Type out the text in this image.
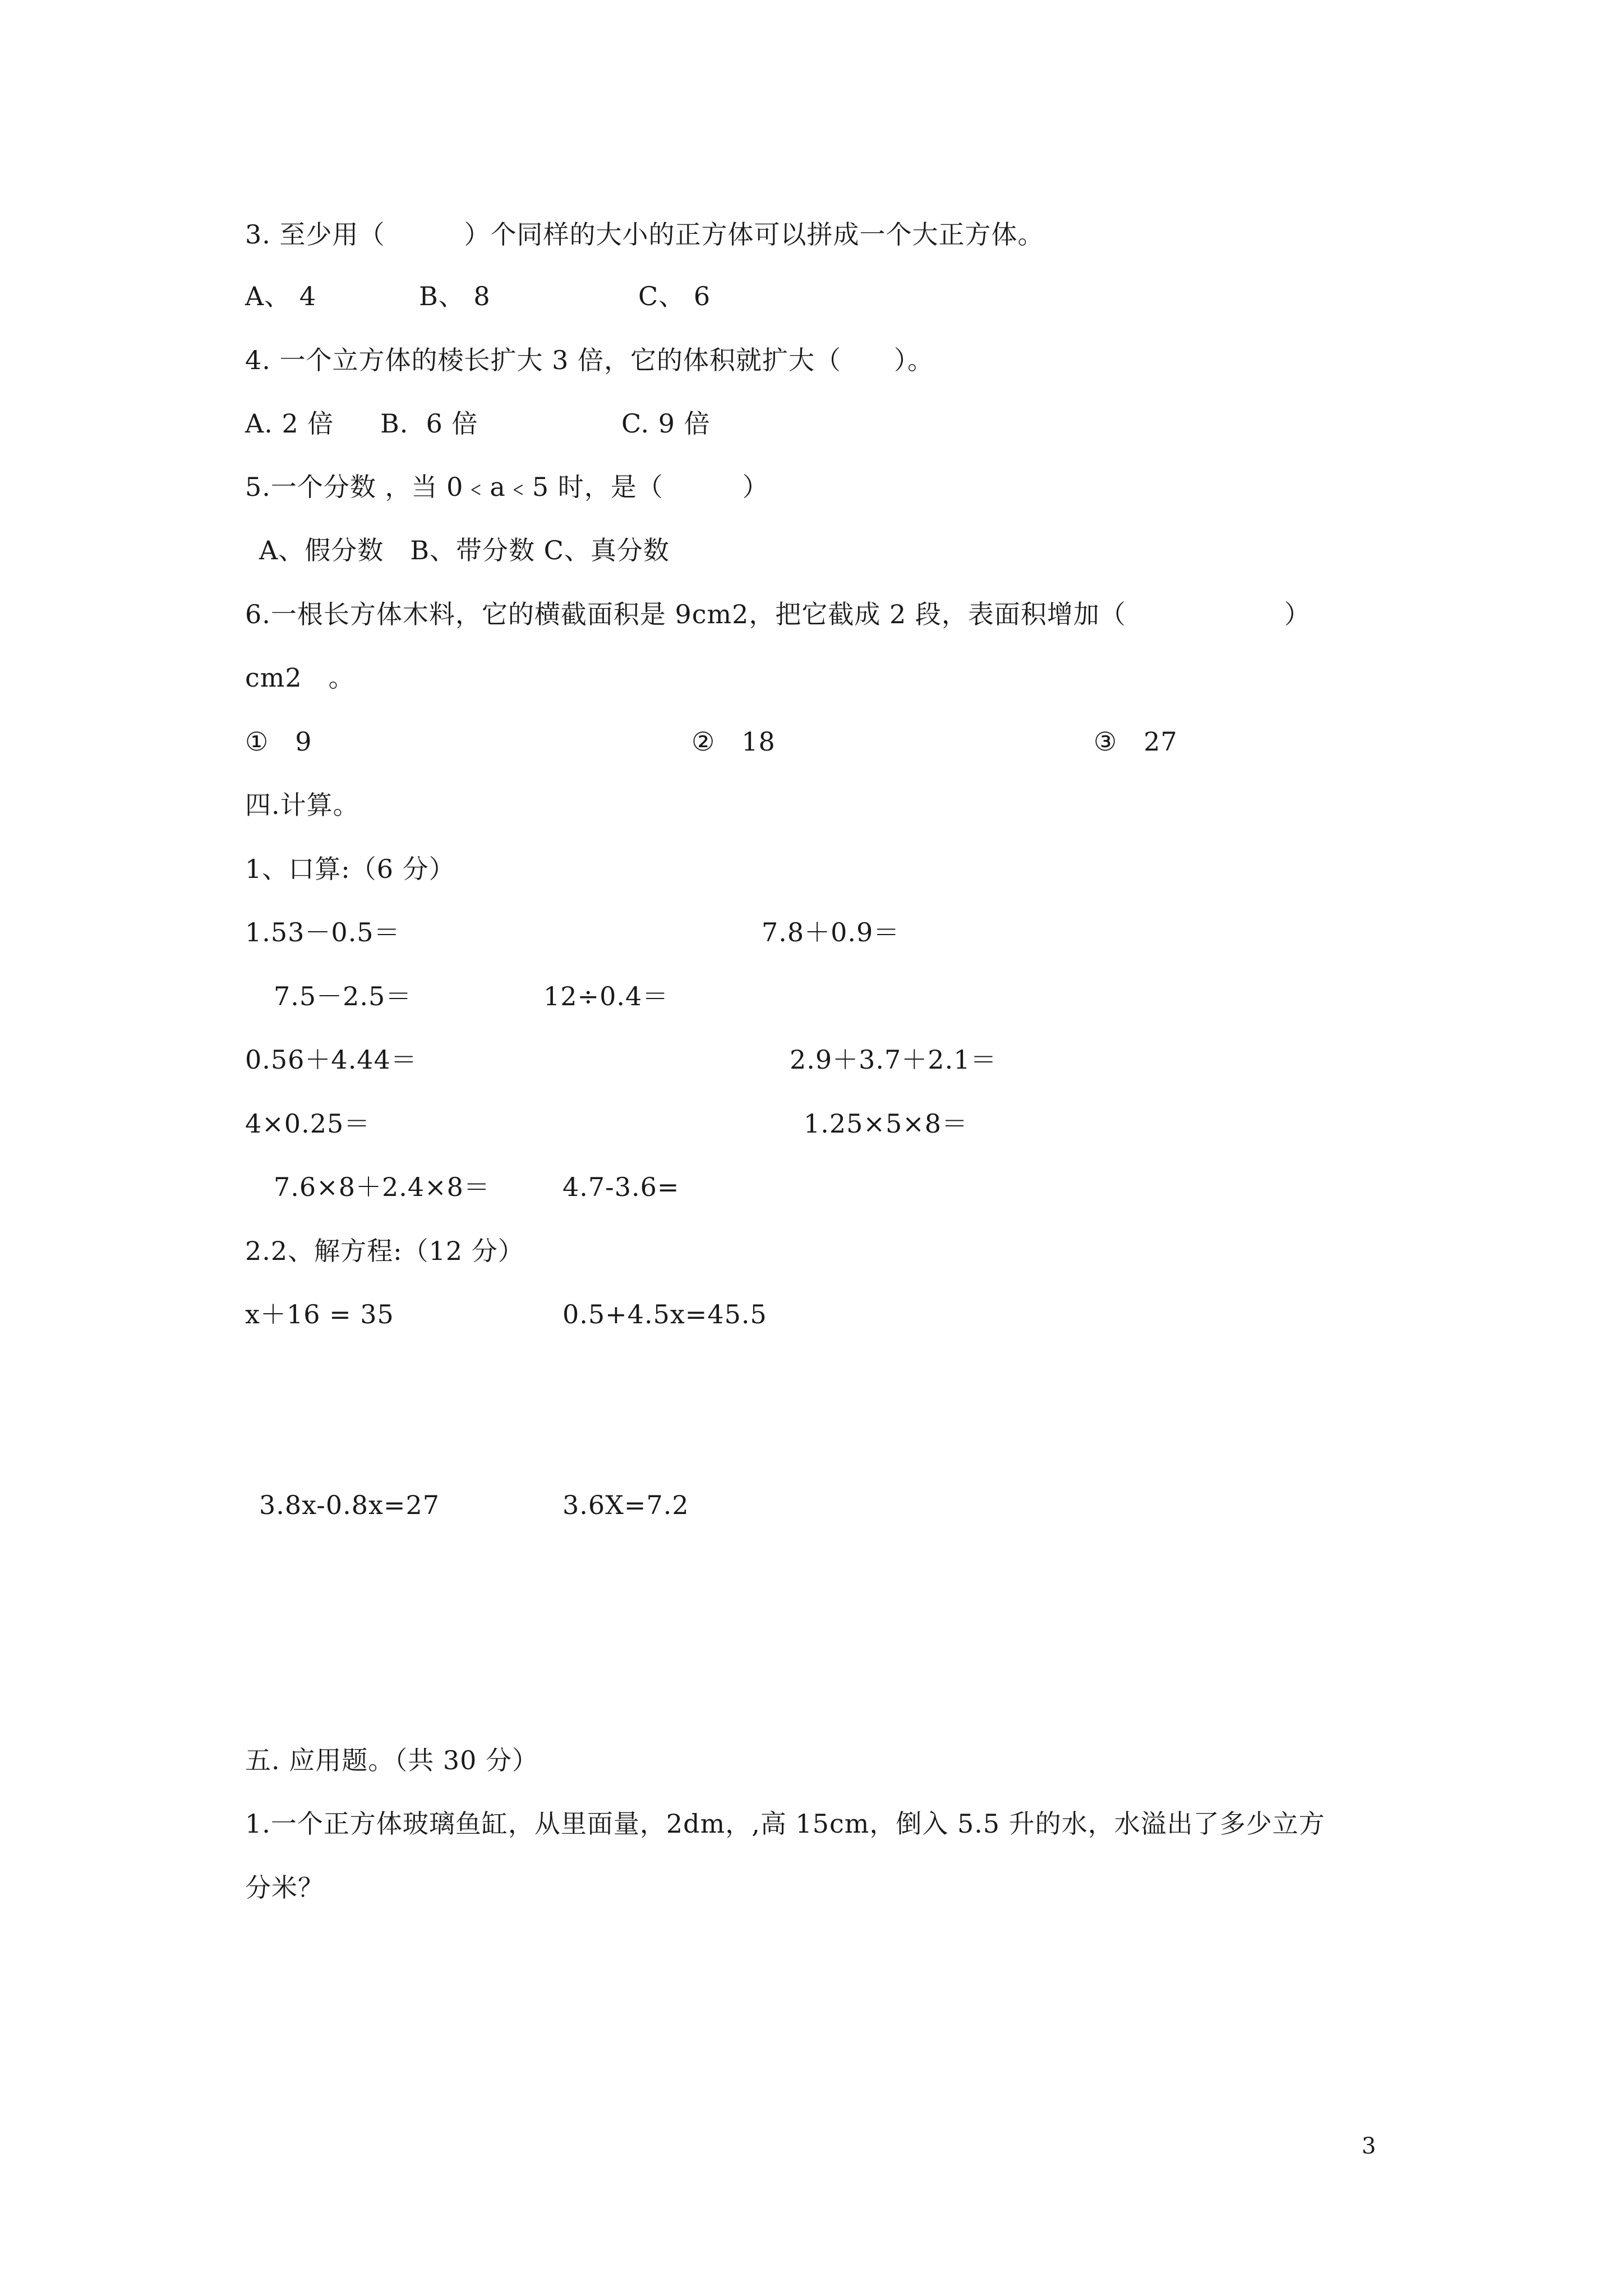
3. 至少用（　　　）个同样的大小的正方体可以拼成一个大正方体。
A、 4	B、 8	C、 6
4. 一个立方体的棱长扩大 3 倍，它的体积就扩大（　　）。
A. 2 倍 B.  6 倍	C. 9 倍
5.一个分数 ，当 0﹤a﹤5 时，是（　　　）
A、假分数　B、带分数 C、真分数
6.一根长方体木料，它的横截面积是 9cm2，把它截成 2 段，表面积增加（　　　　　　）
cm2　。
①　9	②　18	③　27
四.计算。
1、口算:（6 分）
1.53－0.5＝	7.8＋0.9＝
7.5－2.5＝	12÷0.4＝
0.56＋4.44＝	2.9＋3.7＋2.1＝
4×0.25＝	1.25×5×8＝
7.6×8＋2.4×8＝	4.7-3.6=
2.2、解方程:（12 分）
x＋16 = 35	0.5+4.5x=45.5
3.8x-0.8x=27	3.6X=7.2
五. 应用题。（共 30 分）
1.一个正方体玻璃鱼缸，从里面量，2dm，,高 15cm，倒入 5.5 升的水，水溢出了多少立方
分米？
3
